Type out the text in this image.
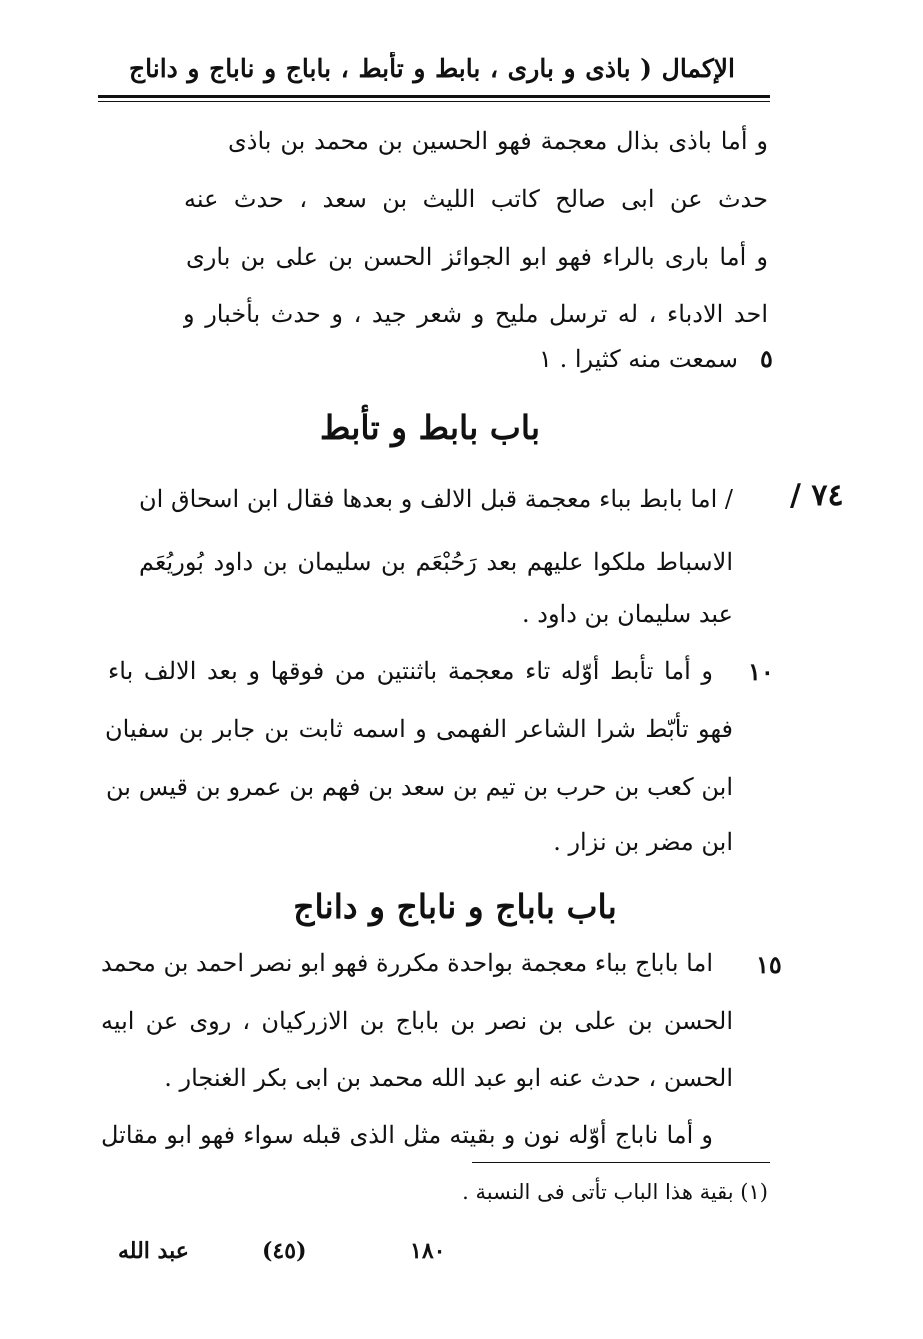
الإكمال ( باذى و بارى ، بابط و تأبط ، باباج و ناباج و داناج
و أما باذى بذال معجمة فهو الحسين بن محمد بن باذى
حدث عن ابى صالح كاتب الليث بن سعد ، حدث عنه
و أما بارى بالراء فهو ابو الجوائز الحسن بن على بن بارى
احد الادباء ، له ترسل مليح و شعر جيد ، و حدث بأخبار و
سمعت منه كثيرا . ١ ٥
باب بابط و تأبط
٧٤ /
/ اما بابط بباء معجمة قبل الالف و بعدها فقال ابن اسحاق ان
الاسباط ملكوا عليهم بعد رَحُبْعَم بن سليمان بن داود بُوريُعَم
عبد سليمان بن داود .
١٠
و أما تأبط أوّله تاء معجمة باثنتين من فوقها و بعد الالف باء
فهو تأبّط شرا الشاعر الفهمى و اسمه ثابت بن جابر بن سفيان
ابن كعب بن حرب بن تيم بن سعد بن فهم بن عمرو بن قيس بن
ابن مضر بن نزار .
باب باباج و ناباج و داناج
١٥
اما باباج بباء معجمة بواحدة مكررة فهو ابو نصر احمد بن محمد
الحسن بن على بن نصر بن باباج بن الازركيان ، روى عن ابيه
الحسن ، حدث عنه ابو عبد الله محمد بن ابى بكر الغنجار .
و أما ناباج أوّله نون و بقيته مثل الذى قبله سواء فهو ابو مقاتل
(١) بقية هذا الباب تأتى فى النسبة .
عبد الله	(٤٥)	١٨٠
